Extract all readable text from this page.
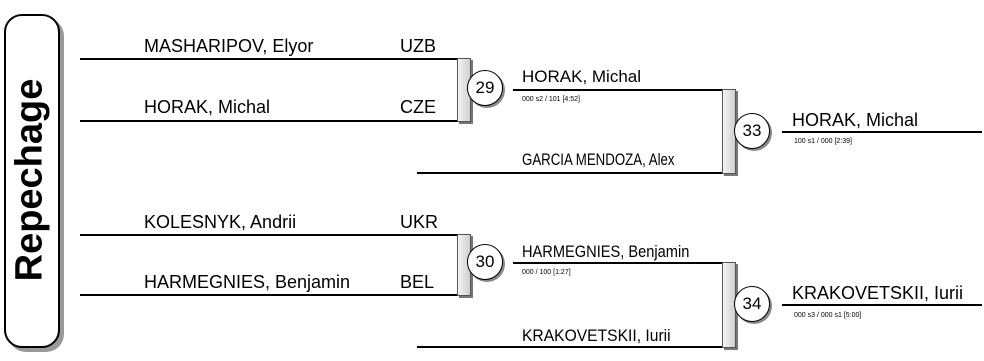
Repechage
MASHARIPOV, Elyor	UZB
HORAK, Michal	CZE
29
HORAK, Michal
000 s2 / 101 [4:52]
GARCIA MENDOZA, Alex
33
HORAK, Michal
100 s1 / 000 [2:39]
KOLESNYK, Andrii	UKR
HARMEGNIES, Benjamin	BEL
30
HARMEGNIES, Benjamin
000 / 100 [1:27]
KRAKOVETSKII, Iurii
34
KRAKOVETSKII, Iurii
000 s3 / 000 s1 [5:00]
